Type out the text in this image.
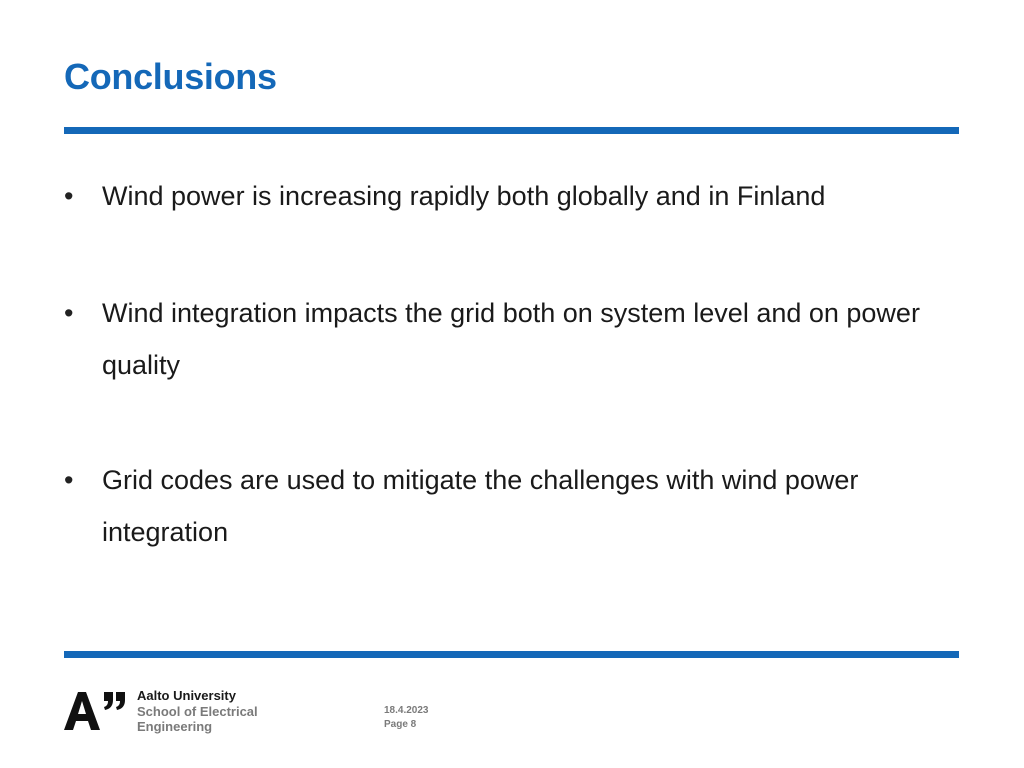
Conclusions
• Wind power is increasing rapidly both globally and in Finland
• Wind integration impacts the grid both on system level and on power quality
• Grid codes are used to mitigate the challenges with wind power integration
Aalto University
School of Electrical
Engineering
18.4.2023
Page 8
